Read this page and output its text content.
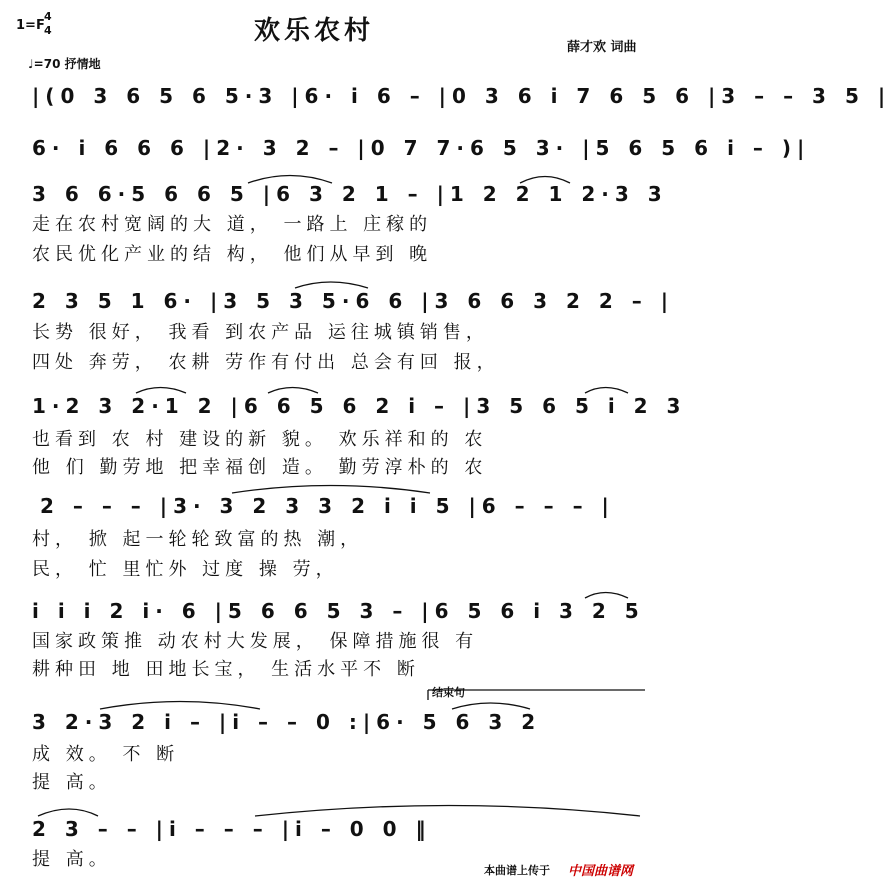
1=F
4
4
♩=70 抒情地
欢乐农村
薛才欢 词曲
|(0 3 6 5 6 5·3 |6· i 6 – |0 3 6 i 7 6 5 6 |3 – – 3 5 |
6· i 6 6 6 |2· 3 2 – |0 7 7·6 5 3· |5 6 5 6 i – )|
3 6 6·5 6 6 5 |6 3 2 1 – |1 2 2 1 2·3 3
走在农村宽阔的大 道， 一路上 庄稼的
农民优化产业的结 构， 他们从早到 晚
2 3 5 1 6· |3 5 3 5·6 6 |3 6 6 3 2 2 – |
长势 很好， 我看 到农产品 运往城镇销售，
四处 奔劳， 农耕 劳作有付出 总会有回 报，
1·2 3 2·1 2 |6 6 5 6 2 i – |3 5 6 5 i 2 3
也看到 农 村 建设的新 貌。 欢乐祥和的 农
他 们 勤劳地 把幸福创 造。 勤劳淳朴的 农
2 – – – |3· 3 2 3 3 2 i i 5 |6 – – – |
村， 掀 起一轮轮致富的热 潮，
民， 忙 里忙外 过度 操 劳，
i i i 2 i· 6 |5 6 6 5 3 – |6 5 6 i 3 2 5
国家政策推 动农村大发展， 保障措施很 有
耕种田 地 田地长宝， 生活水平不 断
结束句
3 2·3 2 i – |i – – 0 :|6· 5 6 3 2
成 效。 不 断
提 高。
2 3 – – |i – – – |i – 0 0 ‖
提 高。
本曲谱上传于 中国曲谱网
